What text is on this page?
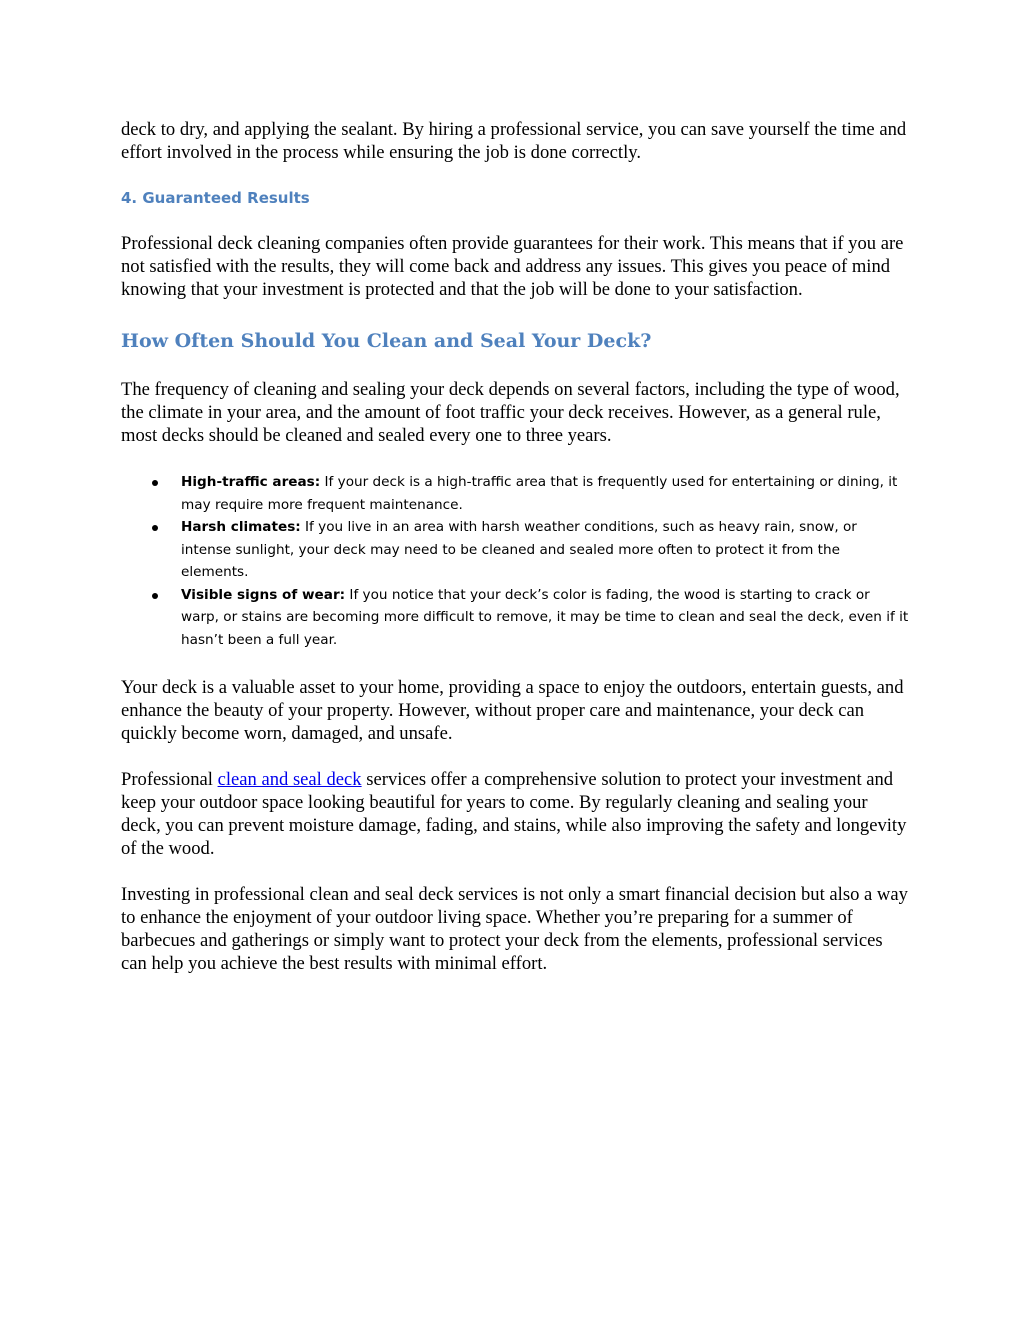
deck to dry, and applying the sealant. By hiring a professional service, you can save yourself the time and effort involved in the process while ensuring the job is done correctly.

4. Guaranteed Results

Professional deck cleaning companies often provide guarantees for their work. This means that if you are not satisfied with the results, they will come back and address any issues. This gives you peace of mind knowing that your investment is protected and that the job will be done to your satisfaction.

How Often Should You Clean and Seal Your Deck?

The frequency of cleaning and sealing your deck depends on several factors, including the type of wood, the climate in your area, and the amount of foot traffic your deck receives. However, as a general rule, most decks should be cleaned and sealed every one to three years.

High-traffic areas: If your deck is a high-traffic area that is frequently used for entertaining or dining, it may require more frequent maintenance.
Harsh climates: If you live in an area with harsh weather conditions, such as heavy rain, snow, or intense sunlight, your deck may need to be cleaned and sealed more often to protect it from the elements.
Visible signs of wear: If you notice that your deck’s color is fading, the wood is starting to crack or warp, or stains are becoming more difficult to remove, it may be time to clean and seal the deck, even if it hasn’t been a full year.

Your deck is a valuable asset to your home, providing a space to enjoy the outdoors, entertain guests, and enhance the beauty of your property. However, without proper care and maintenance, your deck can quickly become worn, damaged, and unsafe.

Professional clean and seal deck services offer a comprehensive solution to protect your investment and keep your outdoor space looking beautiful for years to come. By regularly cleaning and sealing your deck, you can prevent moisture damage, fading, and stains, while also improving the safety and longevity of the wood.

Investing in professional clean and seal deck services is not only a smart financial decision but also a way to enhance the enjoyment of your outdoor living space. Whether you’re preparing for a summer of barbecues and gatherings or simply want to protect your deck from the elements, professional services can help you achieve the best results with minimal effort.
